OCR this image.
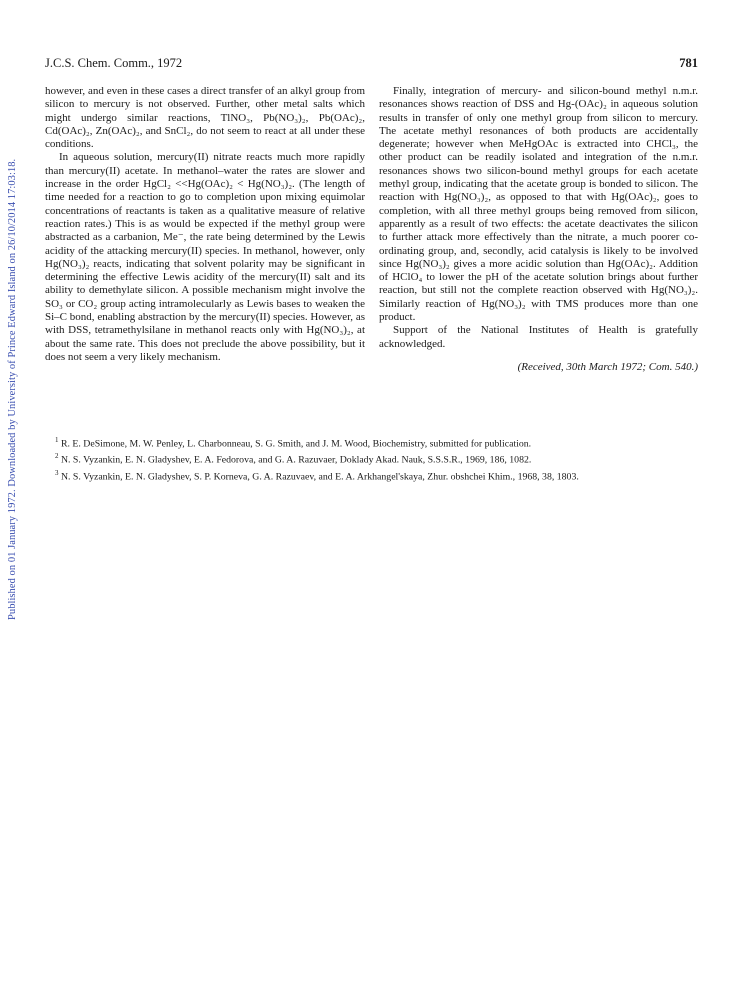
Published on 01 January 1972. Downloaded by University of Prince Edward Island on 26/10/2014 17:03:18.
J.C.S. Chem. Comm., 1972	781

however, and even in these cases a direct transfer of an alkyl group from silicon to mercury is not observed. Further, other metal salts which might undergo similar reactions, TlNO₃, Pb(NO₃)₂, Pb(OAc)₂, Cd(OAc)₂, Zn(OAc)₂, and SnCl₂, do not seem to react at all under these conditions.

In aqueous solution, mercury(II) nitrate reacts much more rapidly than mercury(II) acetate. In methanol–water the rates are slower and increase in the order HgCl₂ <<Hg(OAc)₂ < Hg(NO₃)₂. (The length of time needed for a reaction to go to completion upon mixing equimolar concentrations of reactants is taken as a qualitative measure of relative reaction rates.) This is as would be expected if the methyl group were abstracted as a carbanion, Me⁻, the rate being determined by the Lewis acidity of the attacking mercury(II) species. In methanol, however, only Hg(NO₃)₂ reacts, indicating that solvent polarity may be significant in determining the effective Lewis acidity of the mercury(II) salt and its ability to demethylate silicon. A possible mechanism might involve the SO₃ or CO₂ group acting intramolecularly as Lewis bases to weaken the Si–C bond, enabling abstraction by the mercury(II) species. However, as with DSS, tetramethylsilane in methanol reacts only with Hg(NO₃)₂, at about the same rate. This does not preclude the above possibility, but it does not seem a very likely mechanism.

Finally, integration of mercury- and silicon-bound methyl n.m.r. resonances shows reaction of DSS and Hg-(OAc)₂ in aqueous solution results in transfer of only one methyl group from silicon to mercury. The acetate methyl resonances of both products are accidentally degenerate; however when MeHgOAc is extracted into CHCl₃, the other product can be readily isolated and integration of the n.m.r. resonances shows two silicon-bound methyl groups for each acetate methyl group, indicating that the acetate group is bonded to silicon. The reaction with Hg(NO₃)₂, as opposed to that with Hg(OAc)₂, goes to completion, with all three methyl groups being removed from silicon, apparently as a result of two effects: the acetate deactivates the silicon to further attack more effectively than the nitrate, a much poorer co-ordinating group, and, secondly, acid catalysis is likely to be involved since Hg(NO₃)₂ gives a more acidic solution than Hg(OAc)₂. Addition of HClO₄ to lower the pH of the acetate solution brings about further reaction, but still not the complete reaction observed with Hg(NO₃)₂. Similarly reaction of Hg(NO₃)₂ with TMS produces more than one product.

Support of the National Institutes of Health is gratefully acknowledged.

(Received, 30th March 1972; Com. 540.)
$^1$ R. E. DeSimone, M. W. Penley, L. Charbonneau, S. G. Smith, and J. M. Wood, Biochemistry, submitted for publication.
$^2$ N. S. Vyzankin, E. N. Gladyshev, E. A. Fedorova, and G. A. Razuvaer, Doklady Akad. Nauk, S.S.S.R., 1969, 186, 1082.
$^3$ N. S. Vyzankin, E. N. Gladyshev, S. P. Korneva, G. A. Razuvaev, and E. A. Arkhangel'skaya, Zhur. obshchei Khim., 1968, 38, 1803.
